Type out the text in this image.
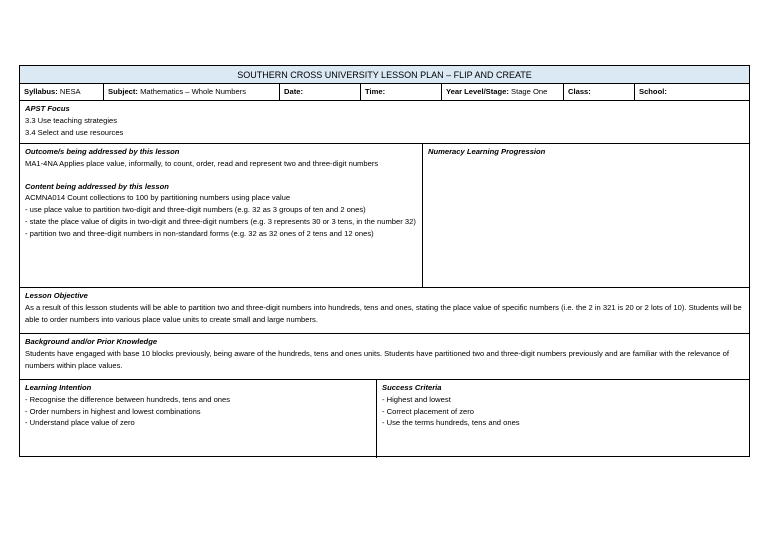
SOUTHERN CROSS UNIVERSITY LESSON PLAN – FLIP AND CREATE
Syllabus: NESA	Subject: Mathematics – Whole Numbers	Date:	Time:	Year Level/Stage: Stage One	Class:	School:
APST Focus
3.3 Use teaching strategies
3.4 Select and use resources
Outcome/s being addressed by this lesson
MA1-4NA Applies place value, informally, to count, order, read and represent two and three-digit numbers
Content being addressed by this lesson
ACMNA014 Count collections to 100 by partitioning numbers using place value
- use place value to partition two-digit and three-digit numbers (e.g. 32 as 3 groups of ten and 2 ones)
- state the place value of digits in two-digit and three-digit numbers (e.g. 3 represents 30 or 3 tens, in the number 32)
- partition two and three-digit numbers in non-standard forms (e.g. 32 as 32 ones of 2 tens and 12 ones)
Numeracy Learning Progression
Lesson Objective
As a result of this lesson students will be able to partition two and three-digit numbers into hundreds, tens and ones, stating the place value of specific numbers (i.e. the 2 in 321 is 20 or 2 lots of 10). Students will be able to order numbers into various place value units to create small and large numbers.
Background and/or Prior Knowledge
Students have engaged with base 10 blocks previously, being aware of the hundreds, tens and ones units. Students have partitioned two and three-digit numbers previously and are familiar with the relevance of numbers within place values.
Learning Intention
- Recognise the difference between hundreds, tens and ones
- Order numbers in highest and lowest combinations
- Understand place value of zero
Success Criteria
- Highest and lowest
- Correct placement of zero
- Use the terms hundreds, tens and ones
